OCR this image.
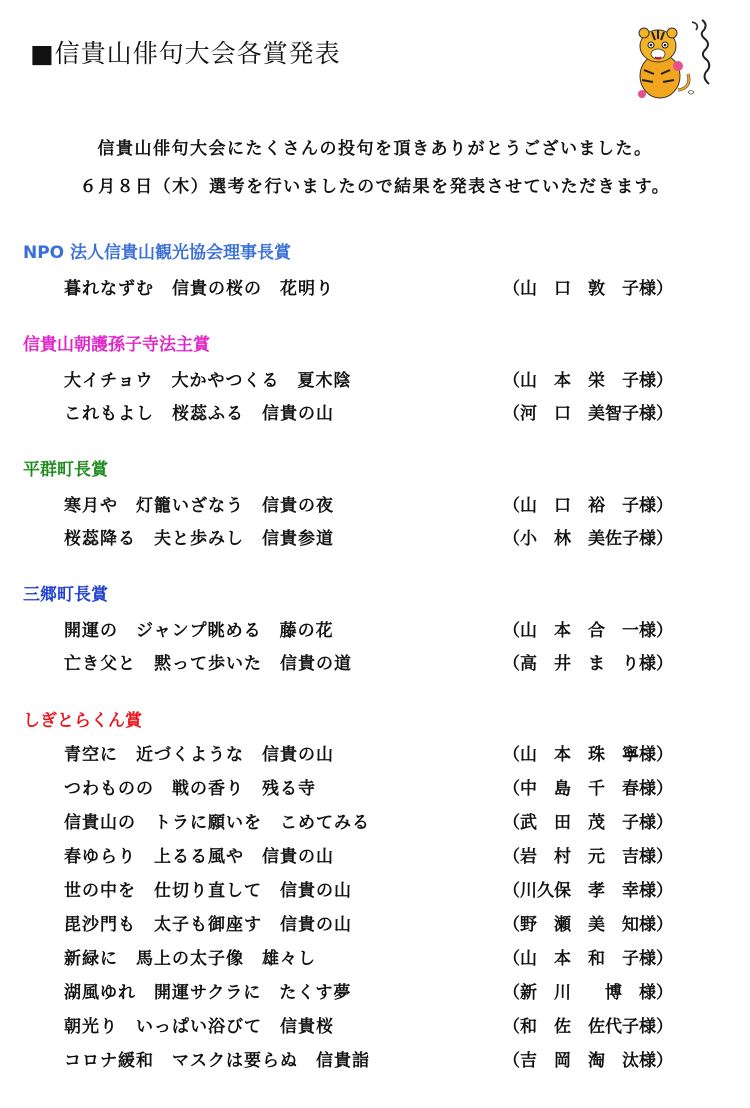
■信貴山俳句大会各賞発表

信貴山俳句大会にたくさんの投句を頂きありがとうございました。

６月８日（木）選考を行いましたので結果を発表させていただきます。

NPO 法人信貴山観光協会理事長賞
暮れなずむ　信貴の桜の　花明り	（山　口　敦　子様）
信貴山朝護孫子寺法主賞
大イチョウ　大かやつくる　夏木陰	（山　本　栄　子様）
これもよし　桜蕊ふる　信貴の山	（河　口　美智子様）
平群町長賞
寒月や　灯籠いざなう　信貴の夜	（山　口　裕　子様）
桜蕊降る　夫と歩みし　信貴参道	（小　林　美佐子様）
三郷町長賞
開運の　ジャンプ眺める　藤の花	（山　本　合　一様）
亡き父と　黙って歩いた　信貴の道	（高　井　ま　り様）
しぎとらくん賞
青空に　近づくような　信貴の山	（山　本　珠　寧様）
つわものの　戦の香り　残る寺	（中　島　千　春様）
信貴山の　トラに願いを　こめてみる	（武　田　茂　子様）
春ゆらり　上るる風や　信貴の山	（岩　村　元　吉様）
世の中を　仕切り直して　信貴の山	（川久保　孝　幸様）
毘沙門も　太子も御座す　信貴の山	（野　瀬　美　知様）
新緑に　馬上の太子像　雄々し	（山　本　和　子様）
湖風ゆれ　開運サクラに　たくす夢	（新　川　　博　様）
朝光り　いっぱい浴びて　信貴桜	（和　佐　佐代子様）
コロナ緩和　マスクは要らぬ　信貴詣	（吉　岡　淘　汰様）
